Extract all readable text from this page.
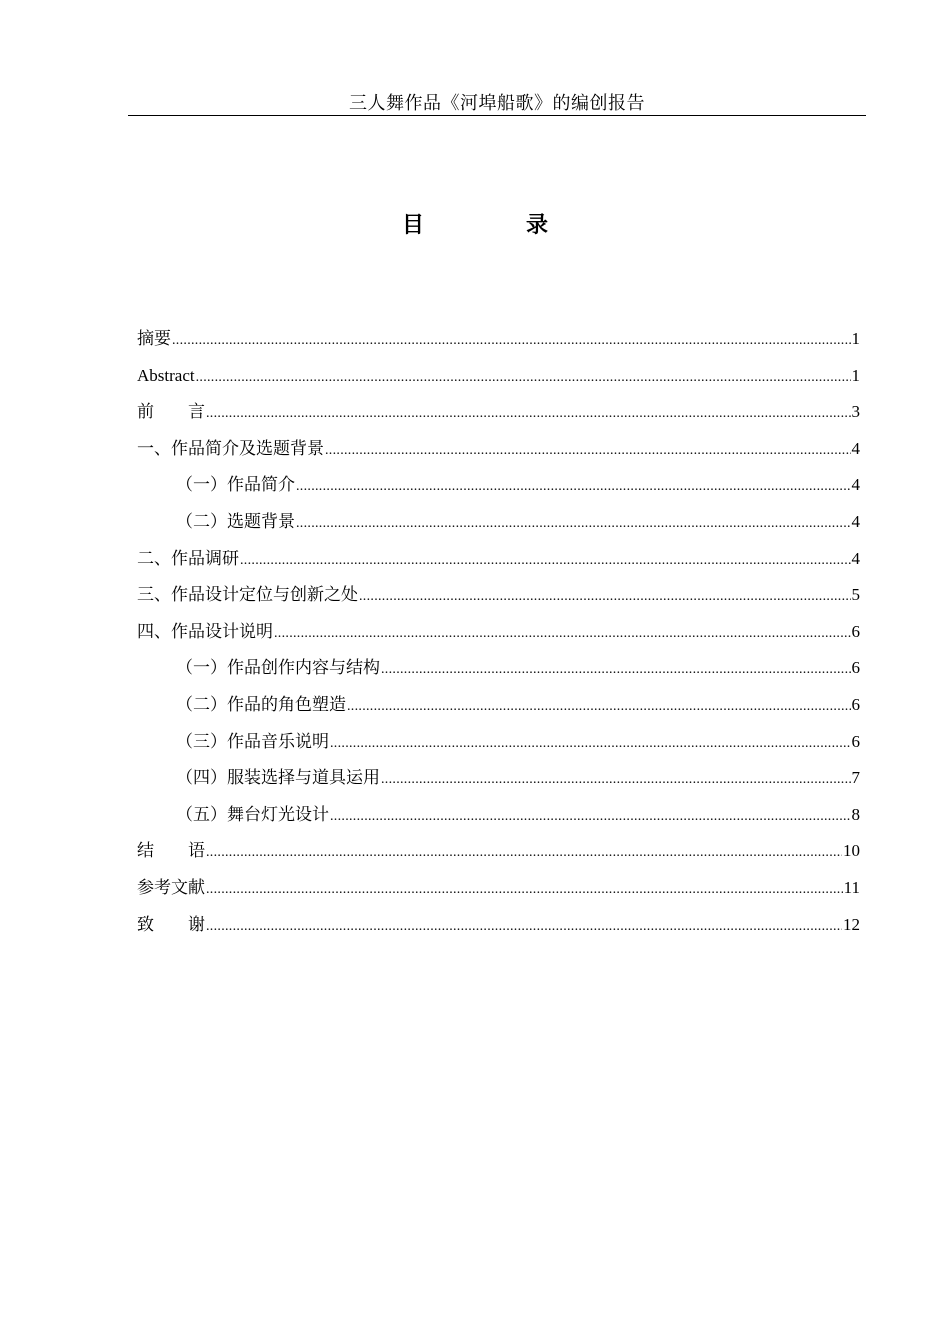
三人舞作品《河埠船歌》的编创报告
目　录
摘要 .....	1
Abstract .....	1
前　　言 .....	3
一、作品简介及选题背景 .....	4
（一）作品简介 .....	4
（二）选题背景 .....	4
二、作品调研 .....	4
三、作品设计定位与创新之处 .....	5
四、作品设计说明 .....	6
（一）作品创作内容与结构 .....	6
（二）作品的角色塑造 .....	6
（三）作品音乐说明 .....	6
（四）服装选择与道具运用 .....	7
（五）舞台灯光设计 .....	8
结　　语 .....	10
参考文献 .....	11
致　　谢 .....	12
